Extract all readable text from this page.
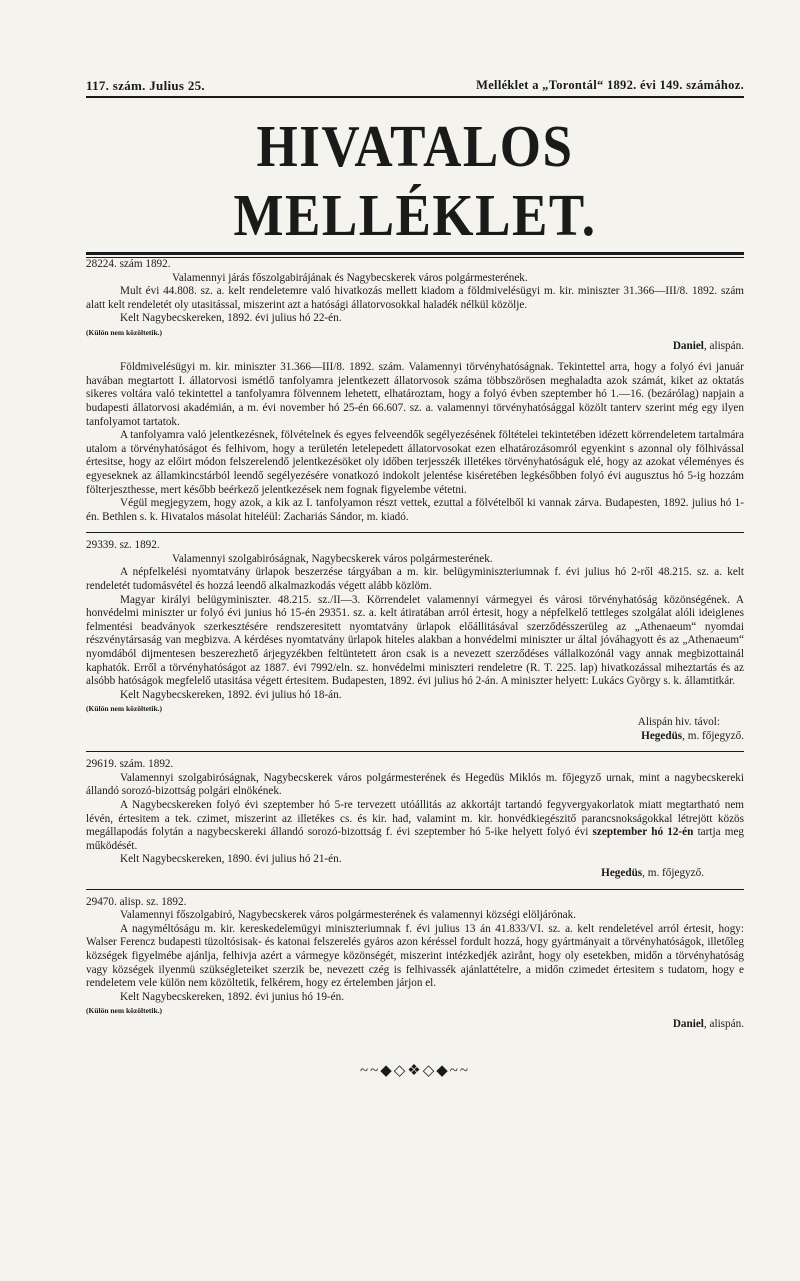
117. szám. Julius 25.	Melléklet a „Torontál“ 1892. évi 149. számához.
HIVATALOS MELLÉKLET.

28224. szám 1892.

Valamennyi járás főszolgabirájának és Nagybecskerek város polgármesterének.

Mult évi 44.808. sz. a. kelt rendeletemre való hivatkozás mellett kiadom a földmivelésügyi m. kir. miniszter 31.366—III/8. 1892. szám alatt kelt rendeletét oly utasitással, miszerint azt a hatósági állatorvosokkal haladék nélkül közölje.

Kelt Nagybecskereken, 1892. évi julius hó 22-én.

(Külön nem közöltetik.)

Daniel, alispán.

Földmivelésügyi m. kir. miniszter 31.366—III/8. 1892. szám. Valamennyi törvényhatóságnak. Tekintettel arra, hogy a folyó évi január havában megtartott I. állatorvosi ismétlő tanfolyamra jelentkezett állatorvosok száma többszörösen meghaladta azok számát, kiket az oktatás sikeres voltára való tekintettel a tanfolyamra fölvennem lehetett, elhatároztam, hogy a folyó évben szeptember hó 1.—16. (bezárólag) napjain a budapesti állatorvosi akadémián, a m. évi november hó 25-én 66.607. sz. a. valamennyi törvényhatósággal közölt tanterv szerint még egy ilyen tanfolyamot tartatok.

A tanfolyamra való jelentkezésnek, fölvételnek és egyes felveendők segélyezésének föltételei tekintetében idézett körrendeletem tartalmára utalom a törvényhatóságot és felhivom, hogy a területén letelepedett állatorvosokat ezen elhatározásomról egyenkint s azonnal oly fölhivással értesitse, hogy az előirt módon felszerelendő jelentkezésöket oly időben terjesszék illetékes törvényhatóságuk elé, hogy az azokat véleményes és egyeseknek az államkincstárból leendő segélyezésére vonatkozó indokolt jelentése kiséretében legkésőbben folyó évi augusztus hó 5-ig hozzám fölterjeszthesse, mert később beérkező jelentkezések nem fognak figyelembe vétetni.

Végül megjegyzem, hogy azok, a kik az I. tanfolyamon részt vettek, ezuttal a fölvételből ki vannak zárva. Budapesten, 1892. julius hó 1-én. Bethlen s. k. Hivatalos másolat hiteléül: Zachariás Sándor, m. kiadó.

29339. sz. 1892.

Valamennyi szolgabiróságnak, Nagybecskerek város polgármesterének.

A népfelkelési nyomtatvány ürlapok beszerzése tárgyában a m. kir. belügyminiszteriumnak f. évi julius hó 2-ről 48.215. sz. a. kelt rendeletét tudomásvétel és hozzá leendő alkalmazkodás végett alább közlöm.

Magyar királyi belügyminiszter. 48.215. sz./II—3. Körrendelet valamennyi vármegyei és városi törvényhatóság közönségének. A honvédelmi miniszter ur folyó évi junius hó 15-én 29351. sz. a. kelt átiratában arról értesit, hogy a népfelkelő tettleges szolgálat alóli ideiglenes felmentési beadványok szerkesztésére rendszeresitett nyomtatvány ürlapok előállitásával szerződésszerüleg az „Athenaeum“ nyomdai részvénytársaság van megbizva. A kérdéses nyomtatvány ürlapok hiteles alakban a honvédelmi miniszter ur által jóváhagyott és az „Athenaeum“ nyomdából dijmentesen beszerezhető árjegyzékben feltüntetett áron csak is a nevezett szerződéses vállalkozónál vagy annak megbizottainál kaphatók. Erről a törvényhatóságot az 1887. évi 7992/eln. sz. honvédelmi miniszteri rendeletre (R. T. 225. lap) hivatkozással miheztartás és az alsóbb hatóságok megfelelő utasitása végett értesitem. Budapesten, 1892. évi julius hó 2-án. A miniszter helyett: Lukács György s. k. államtitkár.

Kelt Nagybecskereken, 1892. évi julius hó 18-án.

(Külön nem közöltetik.)

Alispán hiv. távol:

Hegedüs, m. főjegyző.

29619. szám. 1892.

Valamennyi szolgabiróságnak, Nagybecskerek város polgármesterének és Hegedüs Miklós m. főjegyző urnak, mint a nagybecskereki állandó sorozó-bizottság polgári elnökének.

A Nagybecskereken folyó évi szeptember hó 5-re tervezett utóállitás az akkortájt tartandó fegyvergyakorlatok miatt megtartható nem lévén, értesitem a tek. czimet, miszerint az illetékes cs. és kir. had, valamint m. kir. honvédkiegészitő parancsnokságokkal létrejött közös megállapodás folytán a nagybecskereki állandó sorozó-bizottság f. évi szeptember hó 5-ike helyett folyó évi szeptember hó 12-én tartja meg működését.

Kelt Nagybecskereken, 1890. évi julius hó 21-én.

Hegedüs, m. főjegyző.

29470. alisp. sz. 1892.

Valamennyi főszolgabiró, Nagybecskerek város polgármesterének és valamennyi községi elöljárónak.

A nagyméltóságu m. kir. kereskedelemügyi miniszteriumnak f. évi julius 13 án 41.833/VI. sz. a. kelt rendeletével arról értesit, hogy: Walser Ferencz budapesti tüzoltósisak- és katonai felszerelés gyáros azon kéréssel fordult hozzá, hogy gyártmányait a törvényhatóságok, illetőleg községek figyelmébe ajánlja, felhivja azért a vármegye közönségét, miszerint intézkedjék azirånt, hogy oly esetekben, midőn a törvényhatóság vagy községek ilyenmü szükségleteiket szerzik be, nevezett czég is felhivassék ajánlattételre, a midőn czimedet értesitem s tudatom, hogy e rendeletem vele külön nem közöltetik, felkérem, hogy ez értelemben járjon el.

Kelt Nagybecskereken, 1892. évi junius hó 19-én.

(Külön nem közöltetik.)

Daniel, alispán.

~~◆◇❖◇◆~~
